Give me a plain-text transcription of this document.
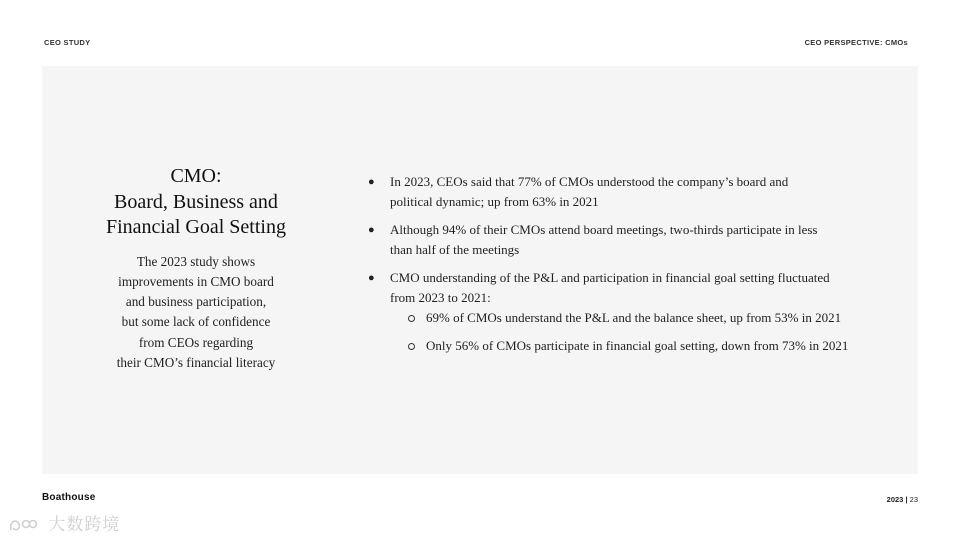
CEO STUDY	CEO PERSPECTIVE: CMOs
CMO:
Board, Business and
Financial Goal Setting
The 2023 study shows
improvements in CMO board
and business participation,
but some lack of confidence
from CEOs regarding
their CMO’s financial literacy
● In 2023, CEOs said that 77% of CMOs understood the company’s board and political dynamic; up from 63% in 2021
● Although 94% of their CMOs attend board meetings, two-thirds participate in less than half of the meetings
● CMO understanding of the P&L and participation in financial goal setting fluctuated from 2023 to 2021:
69% of CMOs understand the P&L and the balance sheet, up from 53% in 2021
Only 56% of CMOs participate in financial goal setting, down from 73% in 2021
Boathouse	2023 | 23
大数跨境
